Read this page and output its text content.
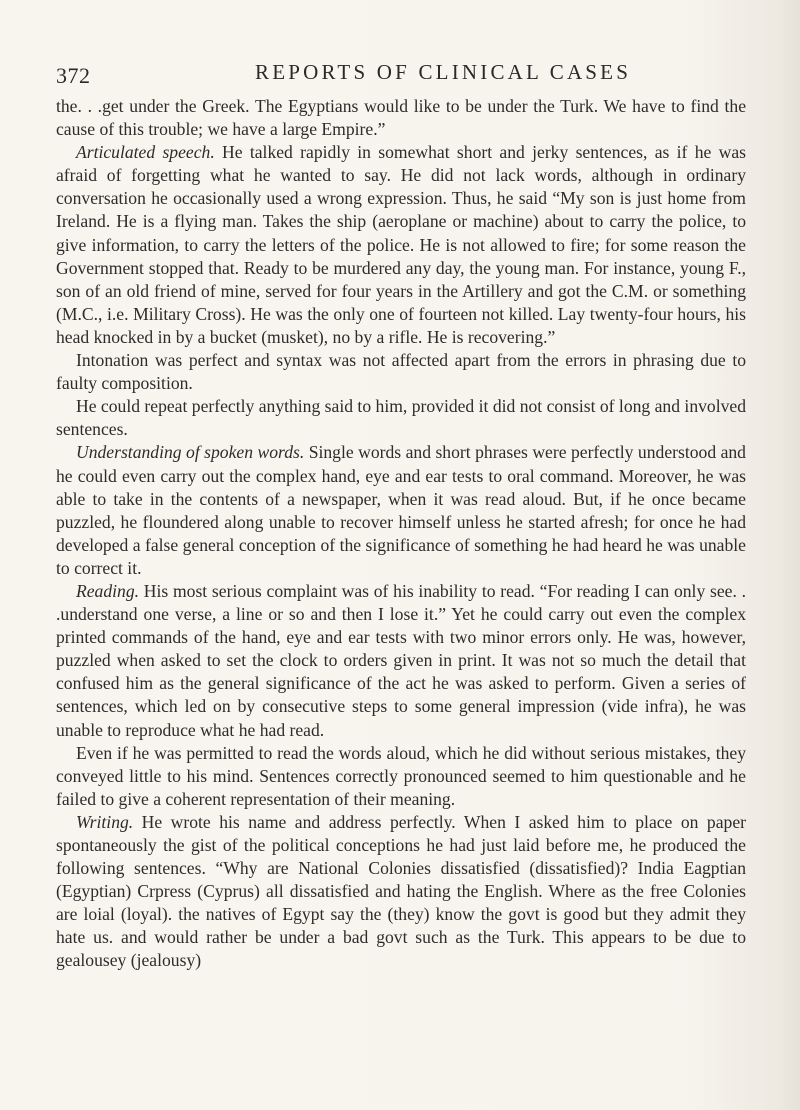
372	REPORTS OF CLINICAL CASES

the. . .get under the Greek. The Egyptians would like to be under the Turk. We have to find the cause of this trouble; we have a large Empire.”

Articulated speech. He talked rapidly in somewhat short and jerky sentences, as if he was afraid of forgetting what he wanted to say. He did not lack words, although in ordinary conversation he occasionally used a wrong expression. Thus, he said “My son is just home from Ireland. He is a flying man. Takes the ship (aeroplane or machine) about to carry the police, to give information, to carry the letters of the police. He is not allowed to fire; for some reason the Government stopped that. Ready to be murdered any day, the young man. For instance, young F., son of an old friend of mine, served for four years in the Artillery and got the C.M. or something (M.C., i.e. Military Cross). He was the only one of fourteen not killed. Lay twenty-four hours, his head knocked in by a bucket (musket), no by a rifle. He is recovering.”

Intonation was perfect and syntax was not affected apart from the errors in phrasing due to faulty composition.

He could repeat perfectly anything said to him, provided it did not consist of long and involved sentences.

Understanding of spoken words. Single words and short phrases were perfectly understood and he could even carry out the complex hand, eye and ear tests to oral command. Moreover, he was able to take in the contents of a newspaper, when it was read aloud. But, if he once became puzzled, he floundered along unable to recover himself unless he started afresh; for once he had developed a false general conception of the significance of something he had heard he was unable to correct it.

Reading. His most serious complaint was of his inability to read. “For reading I can only see. . .understand one verse, a line or so and then I lose it.” Yet he could carry out even the complex printed commands of the hand, eye and ear tests with two minor errors only. He was, however, puzzled when asked to set the clock to orders given in print. It was not so much the detail that confused him as the general significance of the act he was asked to perform. Given a series of sentences, which led on by consecutive steps to some general impression (vide infra), he was unable to reproduce what he had read.

Even if he was permitted to read the words aloud, which he did without serious mistakes, they conveyed little to his mind. Sentences correctly pronounced seemed to him questionable and he failed to give a coherent representation of their meaning.

Writing. He wrote his name and address perfectly. When I asked him to place on paper spontaneously the gist of the political conceptions he had just laid before me, he produced the following sentences. “Why are National Colonies dissatisfied (dissatisfied)? India Eagptian (Egyptian) Crpress (Cyprus) all dissatisfied and hating the English. Where as the free Colonies are loial (loyal). the natives of Egypt say the (they) know the govt is good but they admit they hate us. and would rather be under a bad govt such as the Turk. This appears to be due to gealousey (jealousy)
